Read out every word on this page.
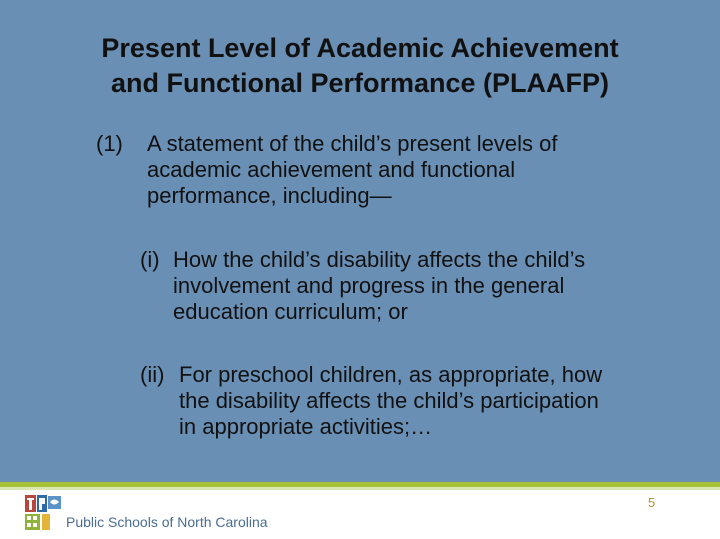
Present Level of Academic Achievement
and Functional Performance (PLAAFP)
(1) A statement of the child’s present levels of
academic achievement and functional
performance, including—
(i) How the child’s disability affects the child’s
involvement and progress in the general
education curriculum; or
(ii) For preschool children, as appropriate, how
the disability affects the child’s participation
in appropriate activities;…
Public Schools of North Carolina
5
